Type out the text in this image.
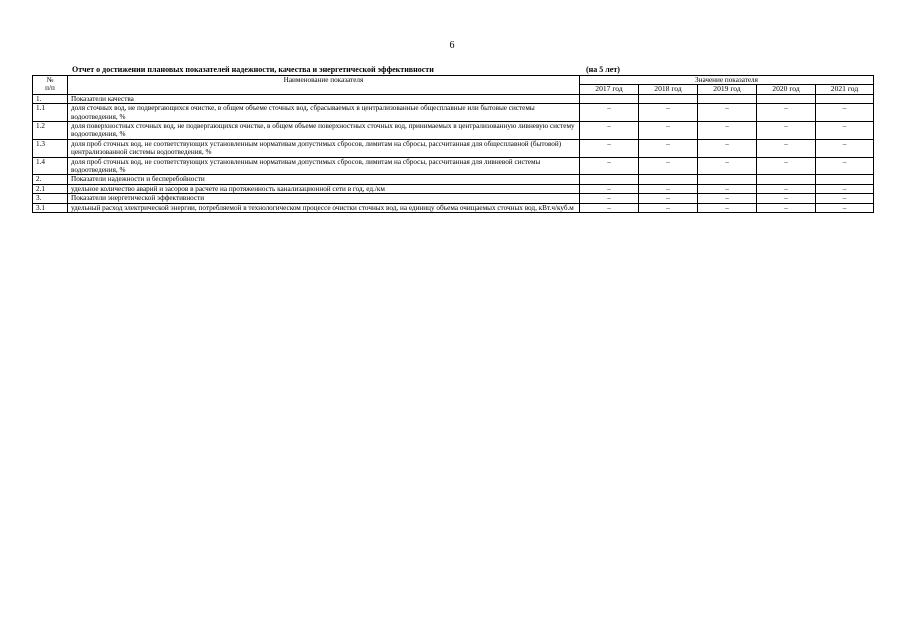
6
Отчет о достижении плановых показателей надежности, качества и энергетической эффективности	(на 5 лет)
№
п/п	Наименование показателя	Значение показателя				
		2017 год	2018 год	2019 год	2020 год	2021 год
1.	Показатели качества					
1.1	доля сточных вод, не подвергающихся очистке, в общем объеме сточных вод, сбрасываемых в централизованные общесплавные или бытовые системы водоотведения, %	–	–	–	–	–
1.2	доля поверхностных сточных вод, не подвергающихся очистке, в общем объеме поверхностных сточных вод, принимаемых в централизованную ливневую систему водоотведения, %	–	–	–	–	–
1.3	доля проб сточных вод, не соответствующих установленным нормативам допустимых сбросов, лимитам на сбросы, рассчитанная для общесплавной (бытовой) централизованной системы водоотведения, %	–	–	–	–	–
1.4	доля проб сточных вод, не соответствующих установленным нормативам допустимых сбросов, лимитам на сбросы, рассчитанная для ливневой системы водоотведения, %	–	–	–	–	–
2.	Показатели надежности и бесперебойности					
2.1	удельное количество аварий и засоров в расчете на протяженность канализационной сети в год, ед./км	–	–	–	–	–
3.	Показатели энергетической эффективности	–	–	–	–	–
3.1	удельный расход электрической энергии, потребляемой в технологическом процессе очистки сточных вод, на единицу объема очищаемых сточных вод, кВт.ч/куб.м	–	–	–	–	–
